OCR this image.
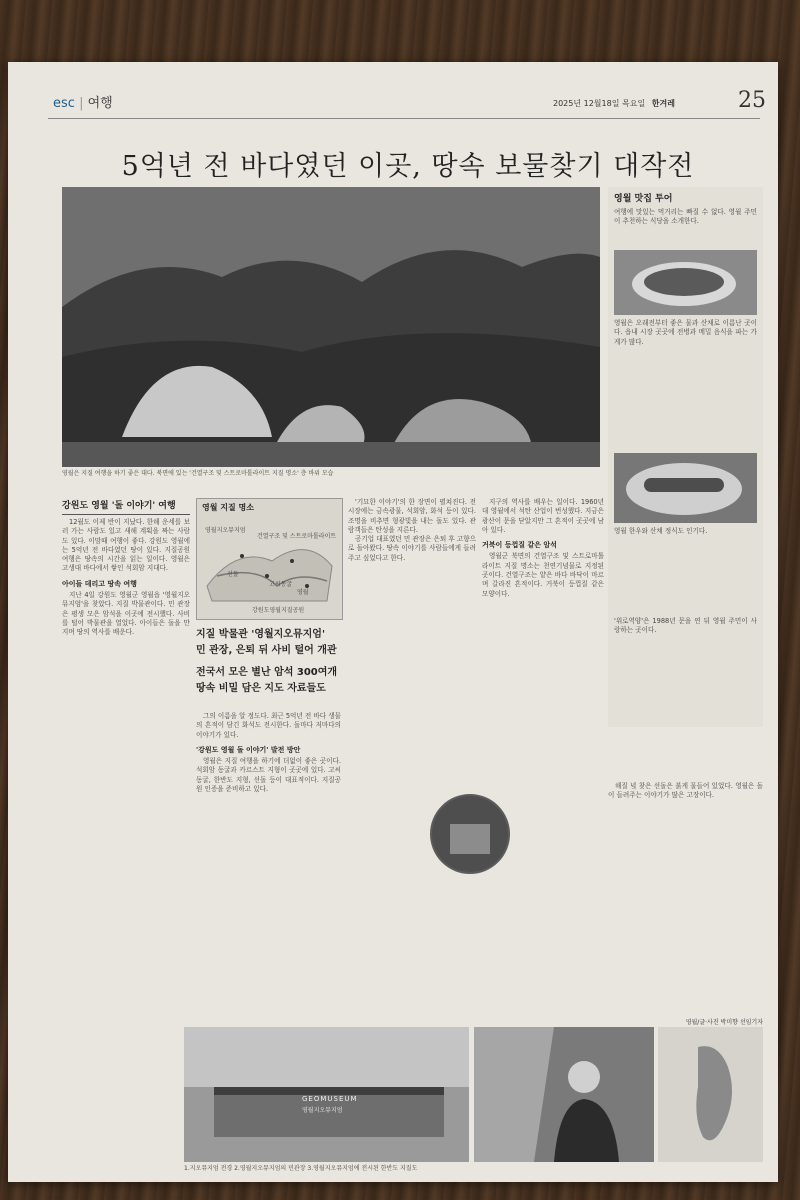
esc | 여행	2025년 12월18일 목요일 한겨레	25
5억년 전 바다였던 이곳, 땅속 보물찾기 대작전
영월은 지질 여행을 하기 좋은 대다. 북면에 있는 '건열구조 및 스트로마톨라이트 지질 명소' 층 바위 모습
영월 맛집 투어
여행에 맛있는 먹거리는 빠질 수 없다. 영월 주민이 추천하는 식당을 소개한다.
영월은 오래전부터 좋은 물과 산채로 이름난 곳이다. 읍내 시장 곳곳에 전병과 메밀 음식을 파는 가게가 많다.
영월 한우와 산채 정식도 인기다.
'위로역양'은 1988년 문을 연 뒤 영월 주민이 사랑하는 곳이다.
강원도 영월 '돌 이야기' 여행

12월도 이제 반이 지났다. 한해 운세를 보러 가는 사람도 있고 새해 계획을 짜는 사람도 있다. 이맘때 여행이 좋다. 강원도 영월에는 5억년 전 바다였던 땅이 있다. 지질공원 여행은 땅속의 시간을 읽는 일이다. 영월은 고생대 바다에서 쌓인 석회암 지대다.

아이들 데리고 땅속 여행

지난 4일 강원도 영월군 영월읍 '영월지오뮤지엄'을 찾았다. 지질 박물관이다. 민 관장은 평생 모은 암석을 이곳에 전시했다. 사비를 털어 박물관을 열었다. 아이들은 돌을 만지며 땅의 역사를 배운다.

영월 지질 명소
영월지오뮤지엄
건열구조 및 스트로마톨라이트
고씨동굴
선돌
영월
강원도영월지질공원
지질 박물관 '영월지오뮤지엄'
민 관장, 은퇴 뒤 사비 털어 개관
전국서 모은 별난 암석 300여개
땅속 비밀 담은 지도 자료들도

그의 이름을 알 정도다. 최근 5억년 전 바다 생물의 흔적이 담긴 화석도 전시한다. 돌마다 저마다의 이야기가 있다.

'강원도 영월 돌 이야기' 발전 방안

영월은 지질 여행을 하기에 더없이 좋은 곳이다. 석회암 동굴과 카르스트 지형이 곳곳에 있다. 고씨동굴, 한반도 지형, 선돌 등이 대표적이다. 지질공원 인증을 준비하고 있다.

'기묘한 이야기'의 한 장면이 펼쳐진다. 전시장에는 금속광물, 석회암, 화석 등이 있다. 조명을 비추면 형광빛을 내는 돌도 있다. 관람객들은 탄성을 지른다.

공기업 대표였던 민 관장은 은퇴 후 고향으로 돌아왔다. 땅속 이야기를 사람들에게 들려주고 싶었다고 한다.

지구의 역사를 배우는 일이다. 1960년대 영월에서 석탄 산업이 번성했다. 지금은 광산이 문을 닫았지만 그 흔적이 곳곳에 남아 있다.

거북이 등껍질 같은 암석

영월군 북면의 건열구조 및 스트로마톨라이트 지질 명소는 천연기념물로 지정된 곳이다. 건열구조는 얕은 바다 바닥이 마르며 갈라진 흔적이다. 거북이 등껍질 같은 모양이다.

해질 녘 찾은 선돌은 붉게 물들어 있었다. 영월은 돌이 들려주는 이야기가 많은 고장이다.

영월/글·사진 박미향 선임기자
GEOMUSEUM
영월지오뮤지엄
1.지오뮤지엄 전경 2.영월지오뮤지엄의 민관장 3.영월지오뮤지엄에 전시된 한반도 지질도
